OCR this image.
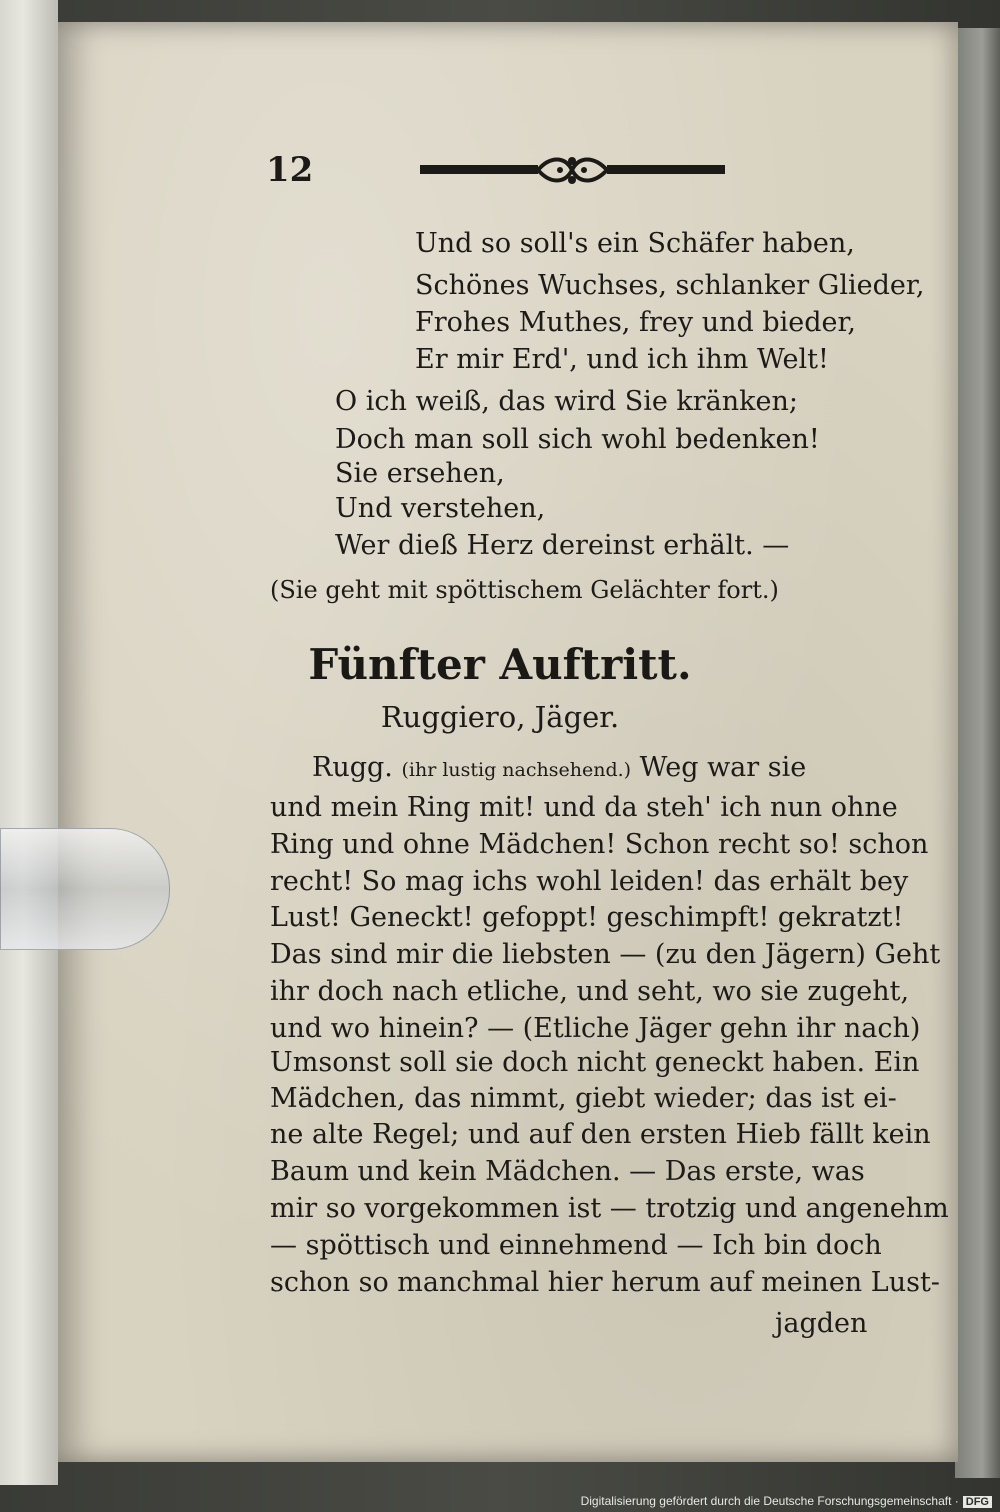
12
Und so soll's ein Schäfer haben,
Schönes Wuchses, schlanker Glieder,
Frohes Muthes, frey und bieder,
Er mir Erd', und ich ihm Welt!
O ich weiß, das wird Sie kränken;
Doch man soll sich wohl bedenken!
Sie ersehen,
Und verstehen,
Wer dieß Herz dereinst erhält. —
(Sie geht mit spöttischem Gelächter fort.)
Fünfter Auftritt.
Ruggiero, Jäger.
Rugg. (ihr lustig nachsehend.) Weg war sie
und mein Ring mit! und da steh' ich nun ohne
Ring und ohne Mädchen! Schon recht so! schon
recht! So mag ichs wohl leiden! das erhält bey
Lust! Geneckt! gefoppt! geschimpft! gekratzt!
Das sind mir die liebsten — (zu den Jägern) Geht
ihr doch nach etliche, und seht, wo sie zugeht,
und wo hinein? — (Etliche Jäger gehn ihr nach)
Umsonst soll sie doch nicht geneckt haben. Ein
Mädchen, das nimmt, giebt wieder; das ist ei-
ne alte Regel; und auf den ersten Hieb fällt kein
Baum und kein Mädchen. — Das erste, was
mir so vorgekommen ist — trotzig und angenehm
— spöttisch und einnehmend — Ich bin doch
schon so manchmal hier herum auf meinen Lust-
jagden
Digitalisierung gefördert durch die Deutsche Forschungsgemeinschaft · DFG
